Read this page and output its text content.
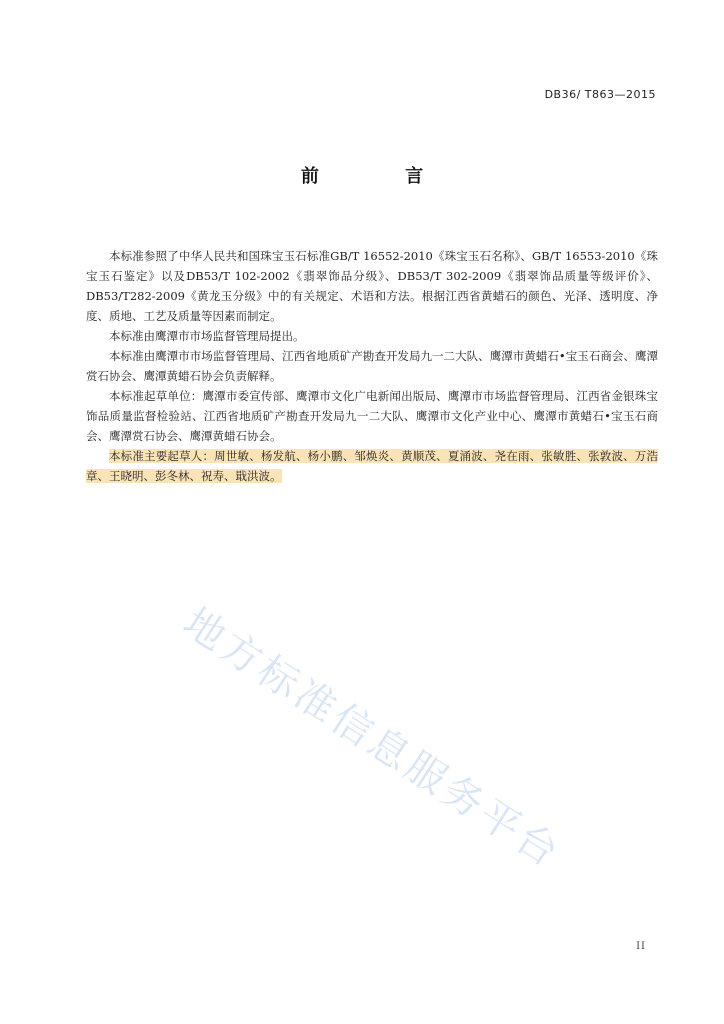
DB36/ T863—2015
前 言

本标准参照了中华人民共和国珠宝玉石标准GB/T 16552-2010《珠宝玉石名称》、GB/T 16553-2010《珠宝玉石鉴定》以及DB53/T 102-2002《翡翠饰品分级》、DB53/T 302-2009《翡翠饰品质量等级评价》、DB53/T282-2009《黄龙玉分级》中的有关规定、术语和方法。根据江西省黄蜡石的颜色、光泽、透明度、净度、质地、工艺及质量等因素而制定。

本标准由鹰潭市市场监督管理局提出。

本标准由鹰潭市市场监督管理局、江西省地质矿产勘查开发局九一二大队、鹰潭市黄蜡石•宝玉石商会、鹰潭赏石协会、鹰潭黄蜡石协会负责解释。

本标准起草单位：鹰潭市委宣传部、鹰潭市文化广电新闻出版局、鹰潭市市场监督管理局、江西省金银珠宝饰品质量监督检验站、江西省地质矿产勘查开发局九一二大队、鹰潭市文化产业中心、鹰潭市黄蜡石•宝玉石商会、鹰潭赏石协会、鹰潭黄蜡石协会。

本标准主要起草人：周世敏、杨发航、杨小鹏、邹焕炎、黄顺茂、夏涌波、尧在雨、张敏胜、张敦波、万浩章、王晓明、彭冬林、祝寿、戢洪波。

地方标准信息服务平台
II
